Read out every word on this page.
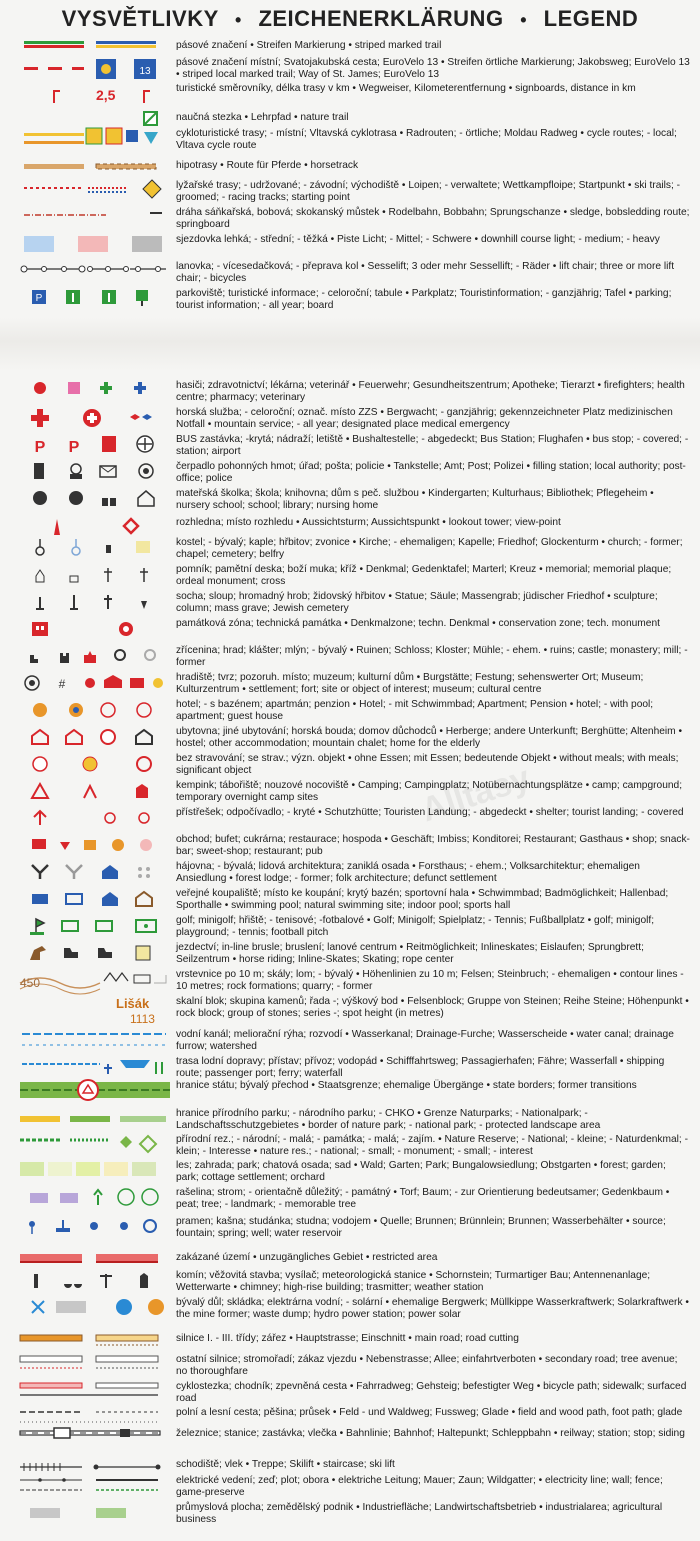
VYSVĚTLIVKY • ZEICHENERKLÄRUNG • LEGEND
Alltasy
pásové značení • Streifen Markierung • striped marked trail
13
pásové značení místní; Svatojakubská cesta; EuroVelo 13 • Streifen örtliche Markierung; Jakobsweg; EuroVelo 13 • striped local marked trail; Way of St. James; EuroVelo 13
2,5	turistické směrovníky, délka trasy v km • Wegweiser, Kilometerentfernung • signboards, distance in km
naučná stezka • Lehrpfad • nature trail
cykloturistické trasy; - místní; Vltavská cyklotrasa • Radrouten; - örtliche; Moldau Radweg • cycle routes; - local; Vltava cycle route
hipotrasy • Route für Pferde • horsetrack
lyžařské trasy; - udržované; - závodní; východiště • Loipen; - verwaltete; Wettkampfloipe; Startpunkt • ski trails; - groomed; - racing tracks; starting point
dráha sáňkařská, bobová; skokanský můstek • Rodelbahn, Bobbahn; Sprungschanze • sledge, bobsledding route; springboard
sjezdovka lehká; - střední; - těžká • Piste Licht; - Mittel; - Schwere • downhill course light; - medium; - heavy
lanovka; - vícesedačková; - přeprava kol • Sesselift; 3 oder mehr Sessellift; - Räder • lift chair; three or more lift chair; - bicycles
P	parkoviště; turistické informace; - celoroční; tabule • Parkplatz; Touristinformation; - ganzjährig; Tafel • parking; tourist information; - all year; board
hasiči; zdravotnictví; lékárna; veterinář • Feuerwehr; Gesundheitszentrum; Apotheke; Tierarzt • firefighters; health centre; pharmacy; veterinary
horská služba; - celoroční; označ. místo ZZS • Bergwacht; - ganzjährig; gekennzeichneter Platz medizinischen Notfall • mountain service; - all year; designated place medical emergency
P P	BUS zastávka; -krytá; nádraží; letiště • Bushaltestelle; - abgedeckt; Bus Station; Flughafen • bus stop; - covered; - station; airport
čerpadlo pohonných hmot; úřad; pošta; policie • Tankstelle; Amt; Post; Polizei • filling station; local authority; post-office; police
mateřská školka; škola; knihovna; dům s peč. službou • Kindergarten; Kulturhaus; Bibliothek; Pflegeheim • nursery school; school; library; nursing home
rozhledna; místo rozhledu • Aussichtsturm; Aussichtspunkt • lookout tower; view-point
kostel; - bývalý; kaple; hřbitov; zvonice • Kirche; - ehemaligen; Kapelle; Friedhof; Glockenturm • church; - former; chapel; cemetery; belfry
pomník; pamětní deska; boží muka; kříž • Denkmal; Gedenktafel; Marterl; Kreuz • memorial; memorial plaque; ordeal monument; cross
socha; sloup; hromadný hrob; židovský hřbitov • Statue; Säule; Massengrab; jüdischer Friedhof • sculpture; column; mass grave; Jewish cemetery
památková zóna; technická památka • Denkmalzone; techn. Denkmal • conservation zone; tech. monument
zřícenina; hrad; klášter; mlýn; - bývalý • Ruinen; Schloss; Kloster; Mühle; - ehem. • ruins; castle; monastery; mill; - former
#	hradiště; tvrz; pozoruh. místo; muzeum; kulturní dům • Burgstätte; Festung; sehenswerter Ort; Museum; Kulturzentrum • settlement; fort; site or object of interest; museum; cultural centre
hotel; - s bazénem; apartmán; penzion • Hotel; - mit Schwimmbad; Apartment; Pension • hotel; - with pool; apartment; guest house
ubytovna; jiné ubytování; horská bouda; domov důchodců • Herberge; andere Unterkunft; Berghütte; Altenheim • hostel; other accommodation; mountain chalet; home for the elderly
bez stravování; se strav.; význ. objekt • ohne Essen; mit Essen; bedeutende Objekt • without meals; with meals; significant object
kempink; tábořiště; nouzové nocoviště • Camping; Campingplatz; Notübernachtungsplätze • camp; campground; temporary overnight camp sites
přístřešek; odpočívadlo; - kryté • Schutzhütte; Touristen Landung; - abgedeckt • shelter; tourist landing; - covered
obchod; bufet; cukrárna; restaurace; hospoda • Geschäft; Imbiss; Konditorei; Restaurant; Gasthaus • shop; snack-bar; sweet-shop; restaurant; pub
hájovna; - bývalá; lidová architektura; zaniklá osada • Forsthaus; - ehem.; Volksarchitektur; ehemaligen Ansiedlung • forest lodge; - former; folk architecture; defunct settlement
veřejné koupaliště; místo ke koupání; krytý bazén; sportovní hala • Schwimmbad; Badmöglichkeit; Hallenbad; Sporthalle • swimming pool; natural swimming site; indoor pool; sports hall
golf; minigolf; hřiště; - tenisové; -fotbalové • Golf; Minigolf; Spielplatz; - Tennis; Fußballplatz • golf; minigolf; playground; - tennis; football pitch
jezdectví; in-line brusle; bruslení; lanové centrum • Reitmöglichkeit; Inlineskates; Eislaufen; Sprungbrett; Seilzentrum • horse riding; Inline-Skates; Skating; rope center
450
vrstevnice po 10 m; skály; lom; - bývalý • Höhenlinien zu 10 m; Felsen; Steinbruch; - ehemaligen • contour lines - 10 metres; rock formations; quarry; - former
Lišák
1113
skalní blok; skupina kamenů; řada -; výškový bod • Felsenblock; Gruppe von Steinen; Reihe Steine; Höhenpunkt • rock block; group of stones; series -; spot height (in metres)
vodní kanál; meliorační rýha; rozvodí • Wasserkanal; Drainage-Furche; Wasserscheide • water canal; drainage furrow; watershed
trasa lodní dopravy; přístav; přívoz; vodopád • Schifffahrtsweg; Passagierhafen; Fähre; Wasserfall • shipping route; passenger port; ferry; waterfall
hranice státu; bývalý přechod • Staatsgrenze; ehemalige Übergänge • state borders; former transitions
hranice přírodního parku; - národního parku; - CHKO • Grenze Naturparks; - Nationalpark; - Landschaftsschutzgebietes • border of nature park; - national park; - protected landscape area
přírodní rez.; - národní; - malá; - památka; - malá; - zajím. • Nature Reserve; - National; - kleine; - Naturdenkmal; - klein; - Interesse • nature res.; - national; - small; - monument; - small; - interest
les; zahrada; park; chatová osada; sad • Wald; Garten; Park; Bungalowsiedlung; Obstgarten • forest; garden; park; cottage settlement; orchard
rašelina; strom; - orientačně důležitý; - památný • Torf; Baum; - zur Orientierung bedeutsamer; Gedenkbaum • peat; tree; - landmark; - memorable tree
pramen; kašna; studánka; studna; vodojem • Quelle; Brunnen; Brünnlein; Brunnen; Wasserbehälter • source; fountain; spring; well; water reservoir
zakázané území • unzugängliches Gebiet • restricted area
komín; věžovitá stavba; vysílač; meteorologická stanice • Schornstein; Turmartiger Bau; Antennenanlage; Wetterwarte • chimney; high-rise building; trasmitter; weather station
bývalý důl; skládka; elektrárna vodní; - solární • ehemalige Bergwerk; Müllkippe Wasserkraftwerk; Solarkraftwerk • the mine former; waste dump; hydro power station; power solar
silnice I. - III. třídy; zářez • Hauptstrasse; Einschnitt • main road; road cutting
ostatní silnice; stromořadí; zákaz vjezdu • Nebenstrasse; Allee; einfahrtverboten • secondary road; tree avenue; no thoroughfare
cyklostezka; chodník; zpevněná cesta • Fahrradweg; Gehsteig; befestigter Weg • bicycle path; sidewalk; surfaced road
polní a lesní cesta; pěšina; průsek • Feld - und Waldweg; Fussweg; Glade • field and wood path, foot path; glade
železnice; stanice; zastávka; vlečka • Bahnlinie; Bahnhof; Haltepunkt; Schleppbahn • reilway; station; stop; siding
schodiště; vlek • Treppe; Skilift • staircase; ski lift
elektrické vedení; zeď; plot; obora • elektriche Leitung; Mauer; Zaun; Wildgatter; • electricity line; wall; fence; game-preserve
průmyslová plocha; zemědělský podnik • Industriefläche; Landwirtschaftsbetrieb • industrialarea; agricultural business
